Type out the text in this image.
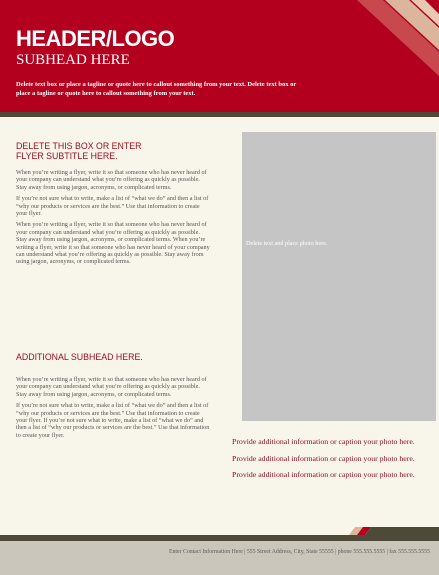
HEADER/LOGO
SUBHEAD HERE
Delete text box or place a tagline or quote here to callout something from your text. Delete text box or place a tagline or quote here to callout something from your text.

DELETE THIS BOX OR ENTER
FLYER SUBTITLE HERE.

When you’re writing a flyer, write it so that someone who has never heard of your company can understand what you’re offering as quickly as possible. Stay away from using jargon, acronyms, or complicated terms.

If you’re not sure what to write, make a list of “what we do” and then a list of “why our products or services are the best.” Use that information to create your flyer.

When you’re writing a flyer, write it so that someone who has never heard of your company can understand what you’re offering as quickly as possible. Stay away from using jargon, acronyms, or complicated terms. When you’re writing a flyer, write it so that someone who has never heard of your company can understand what you’re offering as quickly as possible. Stay away from using jargon, acronyms, or complicated terms.

ADDITIONAL SUBHEAD HERE.

When you’re writing a flyer, write it so that someone who has never heard of your company can understand what you’re offering as quickly as possible. Stay away from using jargon, acronyms, or complicated terms.

If you’re not sure what to write, make a list of “what we do” and then a list of “why our products or services are the best.” Use that information to create your flyer. If you’re not sure what to write, make a list of “what we do” and then a list of “why our products or services are the best.” Use that information to create your flyer.

Delete text and place photo here.
Provide additional information or caption your photo here. Provide additional information or caption your photo here. Provide additional information or caption your photo here.
Enter Contact Information Here | 555 Street Address, City, State 55555 | phone 555.555.5555 | fax 555.555.5555
